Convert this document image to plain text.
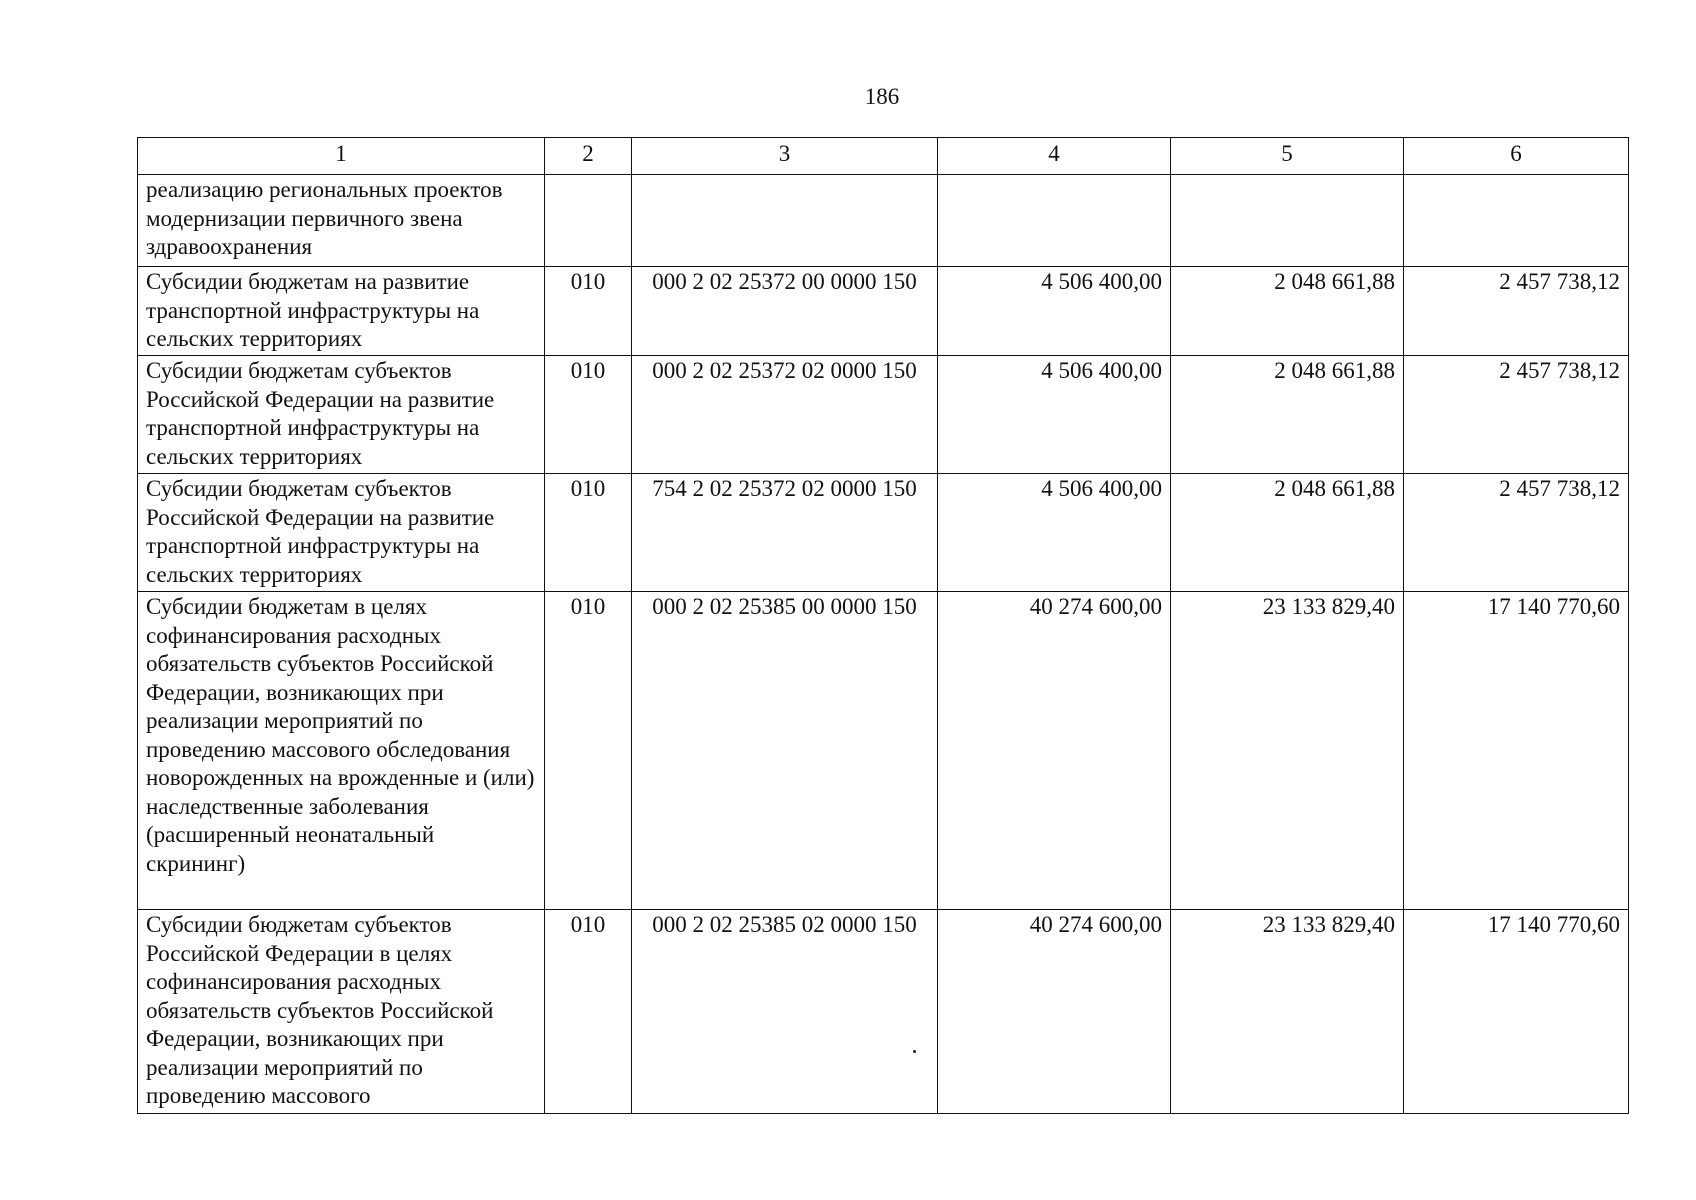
186
1	2	3	4	5	6
реализацию региональных проектов модернизации первичного звена здравоохранения					
Субсидии бюджетам на развитие транспортной инфраструктуры на сельских территориях	010	000 2 02 25372 00 0000 150	4 506 400,00	2 048 661,88	2 457 738,12
Субсидии бюджетам субъектов Российской Федерации на развитие транспортной инфраструктуры на сельских территориях	010	000 2 02 25372 02 0000 150	4 506 400,00	2 048 661,88	2 457 738,12
Субсидии бюджетам субъектов Российской Федерации на развитие транспортной инфраструктуры на сельских территориях	010	754 2 02 25372 02 0000 150	4 506 400,00	2 048 661,88	2 457 738,12
Субсидии бюджетам в целях софинансирования расходных обязательств субъектов Российской Федерации, возникающих при реализации мероприятий по проведению массового обследования новорожденных на врожденные и (или) наследственные заболевания (расширенный неонатальный скрининг)	010	000 2 02 25385 00 0000 150	40 274 600,00	23 133 829,40	17 140 770,60
Субсидии бюджетам субъектов Российской Федерации в целях софинансирования расходных обязательств субъектов Российской Федерации, возникающих при реализации мероприятий по проведению массового	010	000 2 02 25385 02 0000 150	40 274 600,00	23 133 829,40	17 140 770,60
